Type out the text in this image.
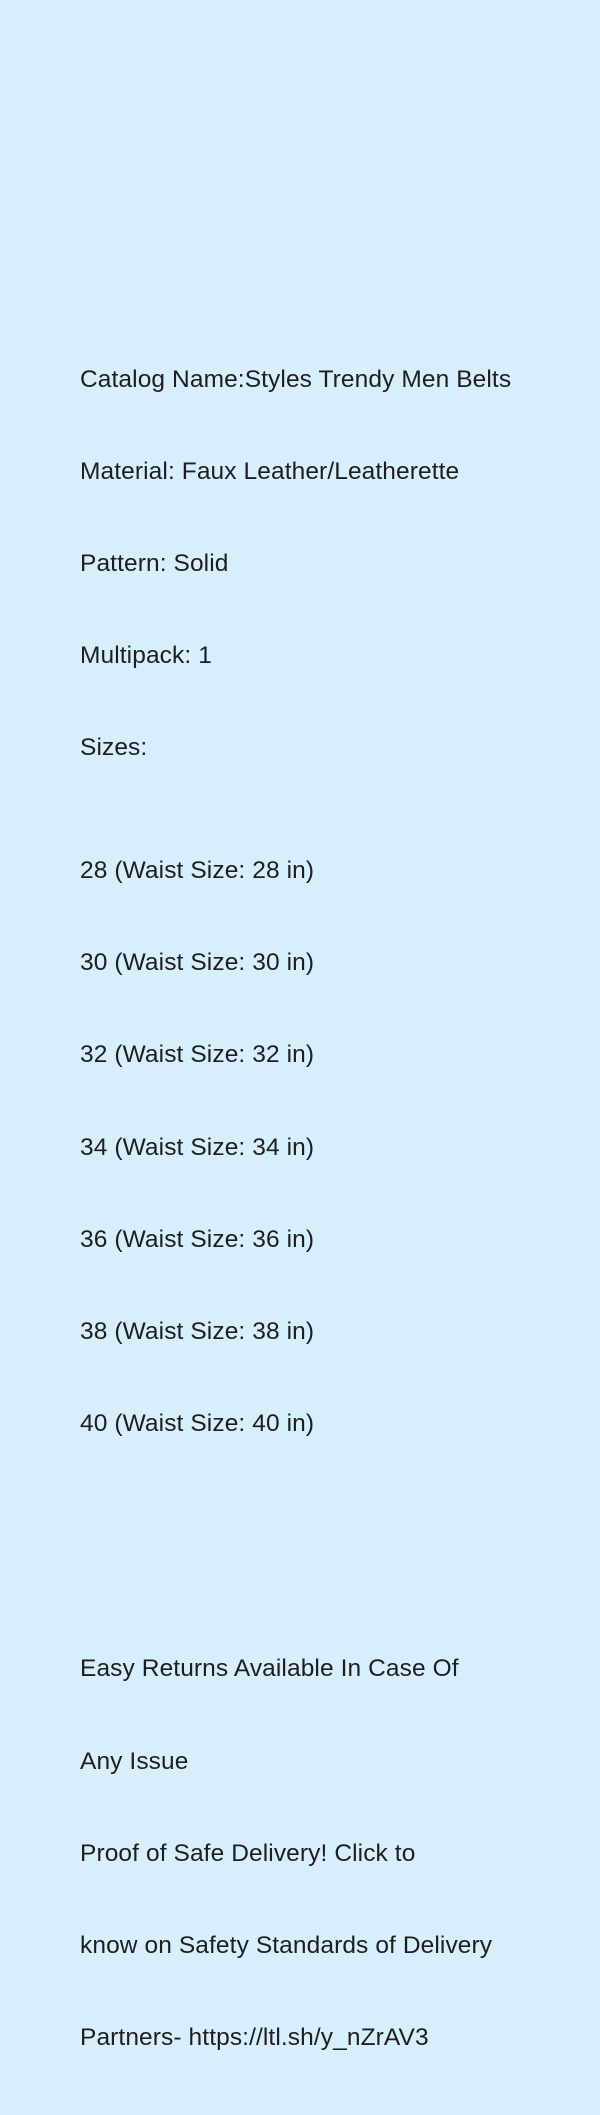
Catalog Name:Styles Trendy Men Belts

Material: Faux Leather/Leatherette

Pattern: Solid

Multipack: 1

Sizes:

28 (Waist Size: 28 in)

30 (Waist Size: 30 in)

32 (Waist Size: 32 in)

34 (Waist Size: 34 in)

36 (Waist Size: 36 in)

38 (Waist Size: 38 in)

40 (Waist Size: 40 in)

Easy Returns Available In Case Of

Any Issue

Proof of Safe Delivery! Click to

know on Safety Standards of Delivery

Partners- https://ltl.sh/y_nZrAV3
